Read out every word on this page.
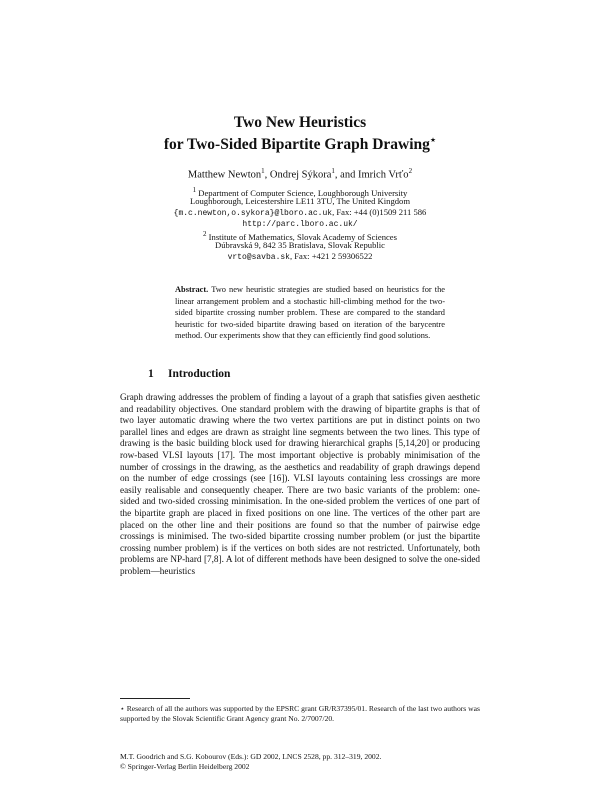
Two New Heuristics
for Two-Sided Bipartite Graph Drawing⋆
Matthew Newton$^1$, Ondrej Sýkora$^1$, and Imrich Vrťo$^2$
$^1$ Department of Computer Science, Loughborough University
Loughborough, Leicestershire LE11 3TU, The United Kingdom
{m.c.newton,o.sykora}@lboro.ac.uk, Fax: +44 (0)1509 211 586
http://parc.lboro.ac.uk/
$^2$ Institute of Mathematics, Slovak Academy of Sciences
Dúbravská 9, 842 35 Bratislava, Slovak Republic
vrto@savba.sk, Fax: +421 2 59306522
Abstract. Two new heuristic strategies are studied based on heuristics for the linear arrangement problem and a stochastic hill-climbing method for the two-sided bipartite crossing number problem. These are compared to the standard heuristic for two-sided bipartite drawing based on iteration of the barycentre method. Our experiments show that they can efficiently find good solutions.
1 Introduction
Graph drawing addresses the problem of finding a layout of a graph that satisfies given aesthetic and readability objectives. One standard problem with the drawing of bipartite graphs is that of two layer automatic drawing where the two vertex partitions are put in distinct points on two parallel lines and edges are drawn as straight line segments between the two lines. This type of drawing is the basic building block used for drawing hierarchical graphs [5,14,20] or producing row-based VLSI layouts [17]. The most important objective is probably minimisation of the number of crossings in the drawing, as the aesthetics and readability of graph drawings depend on the number of edge crossings (see [16]). VLSI layouts containing less crossings are more easily realisable and consequently cheaper. There are two basic variants of the problem: one-sided and two-sided crossing minimisation. In the one-sided problem the vertices of one part of the bipartite graph are placed in fixed positions on one line. The vertices of the other part are placed on the other line and their positions are found so that the number of pairwise edge crossings is minimised. The two-sided bipartite crossing number problem (or just the bipartite crossing number problem) is if the vertices on both sides are not restricted. Unfortunately, both problems are NP-hard [7,8]. A lot of different methods have been designed to solve the one-sided problem—heuristics
⋆ Research of all the authors was supported by the EPSRC grant GR/R37395/01. Research of the last two authors was supported by the Slovak Scientific Grant Agency grant No. 2/7007/20.
M.T. Goodrich and S.G. Kobourov (Eds.): GD 2002, LNCS 2528, pp. 312–319, 2002.
© Springer-Verlag Berlin Heidelberg 2002
